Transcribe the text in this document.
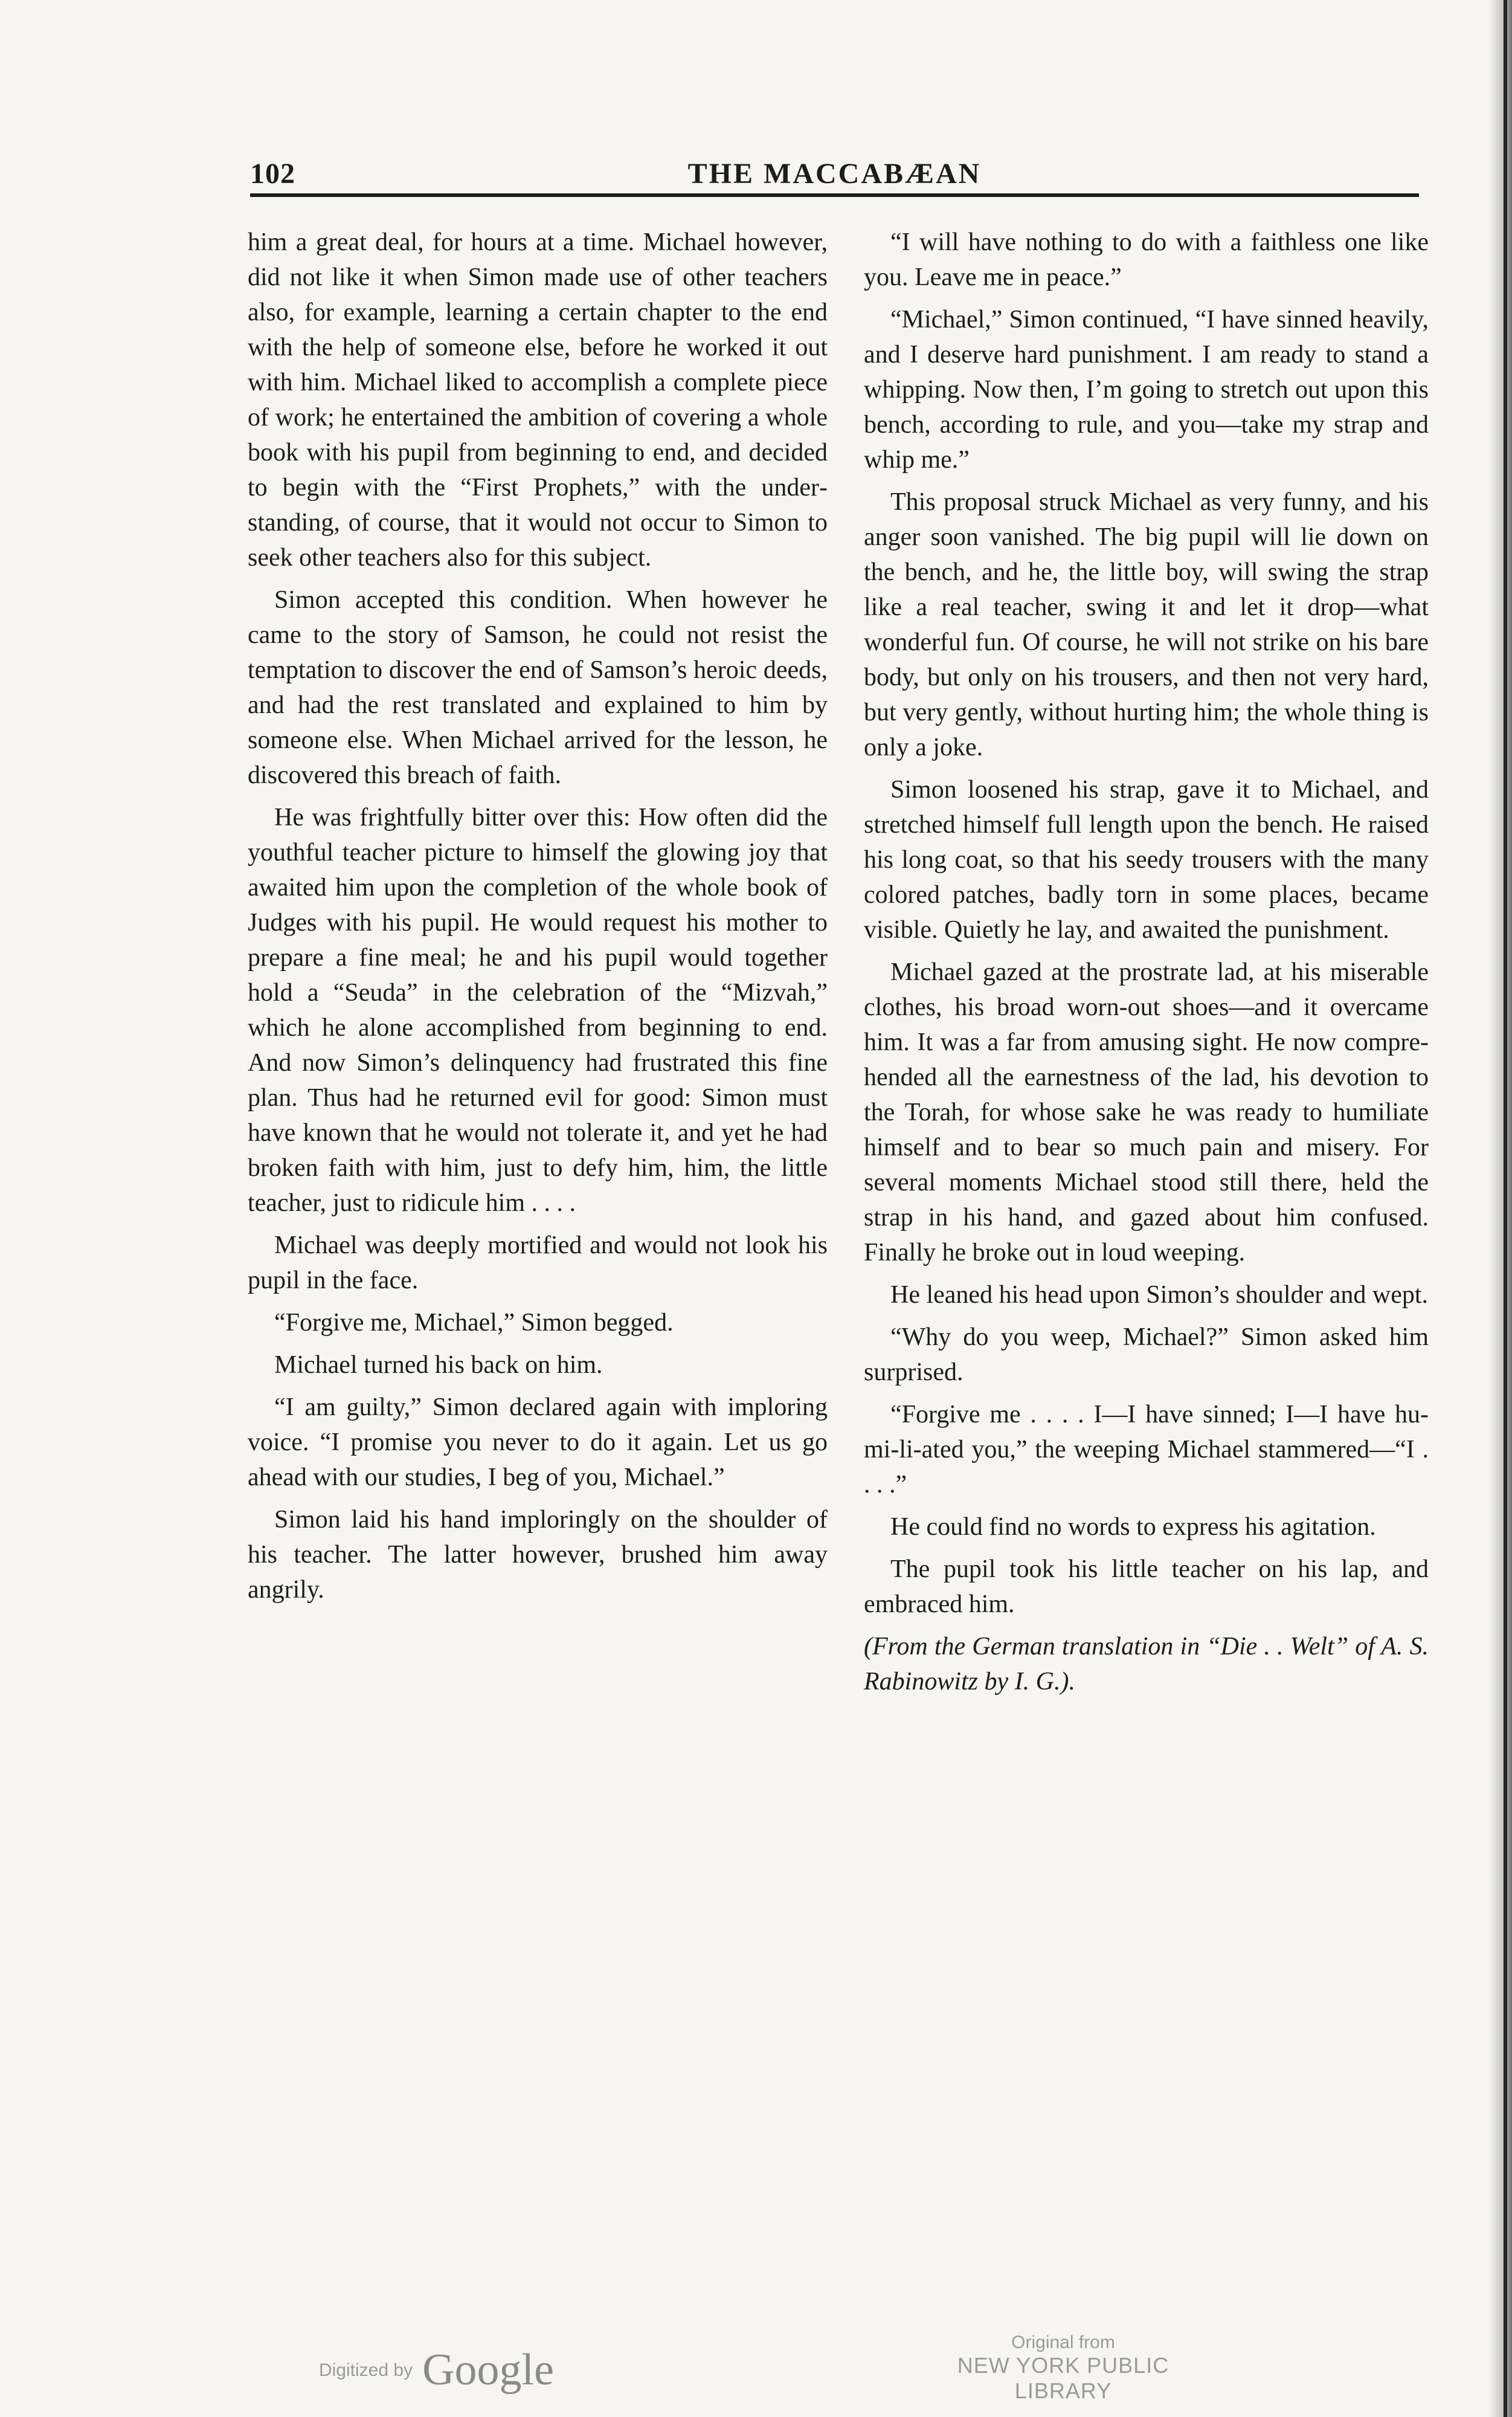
102	THE MACCABÆAN

him a great deal, for hours at a time. Michael however, did not like it when Simon made use of other teachers also, for example, learning a certain chapter to the end with the help of someone else, before he worked it out with him. Michael liked to accomplish a complete piece of work; he entertained the ambition of covering a whole book with his pupil from beginning to end, and decided to begin with the “First Prophets,” with the understanding, of course, that it would not occur to Simon to seek other teachers also for this subject.

Simon accepted this condition. When however he came to the story of Samson, he could not resist the temptation to discover the end of Samson’s heroic deeds, and had the rest translated and explained to him by someone else. When Michael arrived for the lesson, he discovered this breach of faith.

He was frightfully bitter over this: How often did the youthful teacher picture to himself the glowing joy that awaited him upon the completion of the whole book of Judges with his pupil. He would request his mother to prepare a fine meal; he and his pupil would together hold a “Seuda” in the celebration of the “Mizvah,” which he alone accomplished from beginning to end. And now Simon’s delinquency had frustrated this fine plan. Thus had he returned evil for good: Simon must have known that he would not tolerate it, and yet he had broken faith with him, just to defy him, him, the little teacher, just to ridicule him . . . .

Michael was deeply mortified and would not look his pupil in the face.

“Forgive me, Michael,” Simon begged.

Michael turned his back on him.

“I am guilty,” Simon declared again with imploring voice. “I promise you never to do it again. Let us go ahead with our studies, I beg of you, Michael.”

Simon laid his hand imploringly on the shoulder of his teacher. The latter however, brushed him away angrily.

“I will have nothing to do with a faithless one like you. Leave me in peace.”

“Michael,” Simon continued, “I have sinned heavily, and I deserve hard punishment. I am ready to stand a whipping. Now then, I’m going to stretch out upon this bench, according to rule, and you—take my strap and whip me.”

This proposal struck Michael as very funny, and his anger soon vanished. The big pupil will lie down on the bench, and he, the little boy, will swing the strap like a real teacher, swing it and let it drop—what wonderful fun. Of course, he will not strike on his bare body, but only on his trousers, and then not very hard, but very gently, without hurting him; the whole thing is only a joke.

Simon loosened his strap, gave it to Michael, and stretched himself full length upon the bench. He raised his long coat, so that his seedy trousers with the many colored patches, badly torn in some places, became visible. Quietly he lay, and awaited the punishment.

Michael gazed at the prostrate lad, at his miserable clothes, his broad worn-out shoes—and it overcame him. It was a far from amusing sight. He now comprehended all the earnestness of the lad, his devotion to the Torah, for whose sake he was ready to humiliate himself and to bear so much pain and misery. For several moments Michael stood still there, held the strap in his hand, and gazed about him confused. Finally he broke out in loud weeping.

He leaned his head upon Simon’s shoulder and wept.

“Why do you weep, Michael?” Simon asked him surprised.

“Forgive me . . . . I—I have sinned; I—I have hu-mi-li-ated you,” the weeping Michael stammered—“I . . . .”

He could find no words to express his agitation.

The pupil took his little teacher on his lap, and embraced him.

(From the German translation in “Die . . Welt” of A. S. Rabinowitz by I. G.).

Digitized by Google
Original from
NEW YORK PUBLIC LIBRARY
